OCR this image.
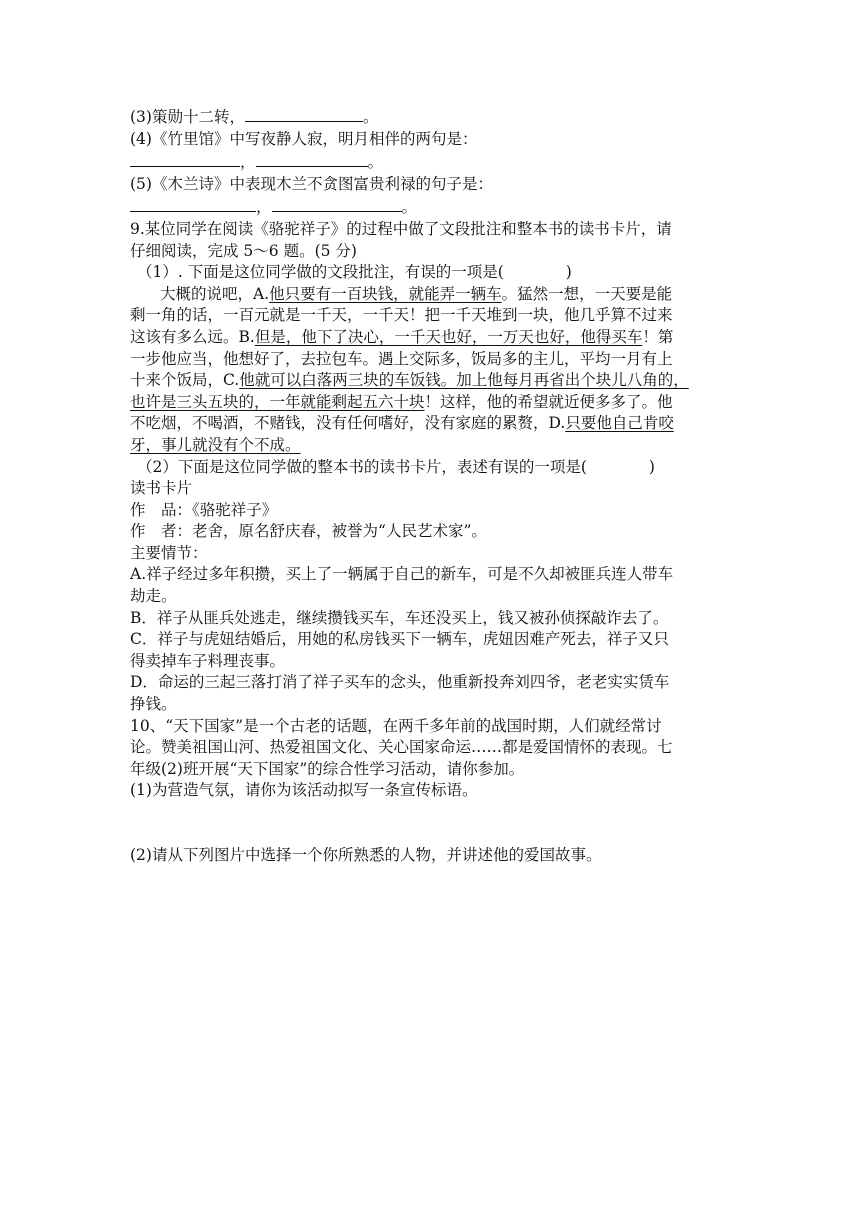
(3)策勋十二转，	。
(4)《竹里馆》中写夜静人寂，明月相伴的两句是：
，	。
(5)《木兰诗》中表现木兰不贪图富贵利禄的句子是：
，	。
9.某位同学在阅读《骆驼祥子》的过程中做了文段批注和整本书的读书卡片，请
仔细阅读，完成 5～6 题。(5 分)
（1）. 下面是这位同学做的文段批注，有误的一项是(	)
大概的说吧，A.他只要有一百块钱，就能弄一辆车。猛然一想，一天要是能
剩一角的话，一百元就是一千天，一千天！把一千天堆到一块，他几乎算不过来
这该有多么远。B.但是，他下了决心，一千天也好，一万天也好，他得买车！第
一步他应当，他想好了，去拉包车。遇上交际多，饭局多的主儿，平均一月有上
十来个饭局，C.他就可以白落两三块的车饭钱。加上他每月再省出个块儿八角的，
也许是三头五块的，一年就能剩起五六十块！这样，他的希望就近便多多了。他
不吃烟，不喝酒，不赌钱，没有任何嗜好，没有家庭的累赘，D.只要他自己肯咬
牙，事儿就没有个不成。
（2）下面是这位同学做的整本书的读书卡片，表述有误的一项是(	)
读书卡片
作　品：《骆驼祥子》
作　者：老舍，原名舒庆春，被誉为“人民艺术家”。
主要情节：
A.祥子经过多年积攒，买上了一辆属于自己的新车，可是不久却被匪兵连人带车
劫走。
B．祥子从匪兵处逃走，继续攒钱买车，车还没买上，钱又被孙侦探敲诈去了。
C．祥子与虎妞结婚后，用她的私房钱买下一辆车，虎妞因难产死去，祥子又只
得卖掉车子料理丧事。
D．命运的三起三落打消了祥子买车的念头，他重新投奔刘四爷，老老实实赁车
挣钱。
10、“天下国家”是一个古老的话题，在两千多年前的战国时期，人们就经常讨
论。赞美祖国山河、热爱祖国文化、关心国家命运……都是爱国情怀的表现。七
年级(2)班开展“天下国家”的综合性学习活动，请你参加。
(1)为营造气氛，请你为该活动拟写一条宣传标语。
(2)请从下列图片中选择一个你所熟悉的人物，并讲述他的爱国故事。
